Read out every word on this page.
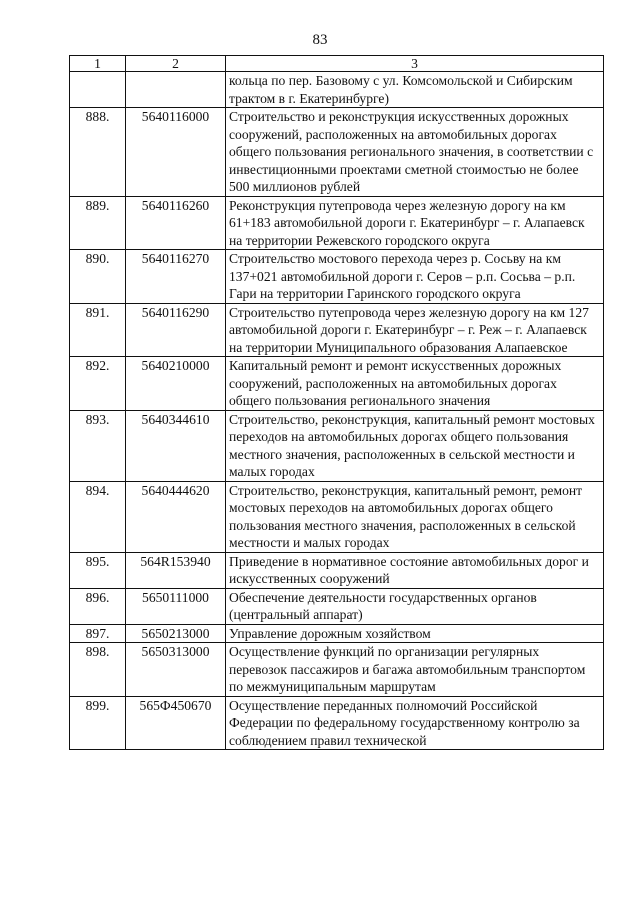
83
1	2	3
		кольца по пер. Базовому с ул. Комсомольской и Сибирским трактом в г. Екатеринбурге)
888.	5640116000	Строительство и реконструкция искусственных дорожных сооружений, расположенных на автомобильных дорогах общего пользования регионального значения, в соответствии с инвестиционными проектами сметной стоимостью не более 500 миллионов рублей
889.	5640116260	Реконструкция путепровода через железную дорогу на км 61+183 автомобильной дороги г. Екатеринбург – г. Алапаевск на территории Режевского городского округа
890.	5640116270	Строительство мостового перехода через р. Сосьву на км 137+021 автомобильной дороги г. Серов – р.п. Сосьва – р.п. Гари на территории Гаринского городского округа
891.	5640116290	Строительство путепровода через железную дорогу на км 127 автомобильной дороги г. Екатеринбург – г. Реж – г. Алапаевск на территории Муниципального образования Алапаевское
892.	5640210000	Капитальный ремонт и ремонт искусственных дорожных сооружений, расположенных на автомобильных дорогах общего пользования регионального значения
893.	5640344610	Строительство, реконструкция, капитальный ремонт мостовых переходов на автомобильных дорогах общего пользования местного значения, расположенных в сельской местности и малых городах
894.	5640444620	Строительство, реконструкция, капитальный ремонт, ремонт мостовых переходов на автомобильных дорогах общего пользования местного значения, расположенных в сельской местности и малых городах
895.	564R153940	Приведение в нормативное состояние автомобильных дорог и искусственных сооружений
896.	5650111000	Обеспечение деятельности государственных органов (центральный аппарат)
897.	5650213000	Управление дорожным хозяйством
898.	5650313000	Осуществление функций по организации регулярных перевозок пассажиров и багажа автомобильным транспортом по межмуниципальным маршрутам
899.	565Ф450670	Осуществление переданных полномочий Российской Федерации по федеральному государственному контролю за соблюдением правил технической
